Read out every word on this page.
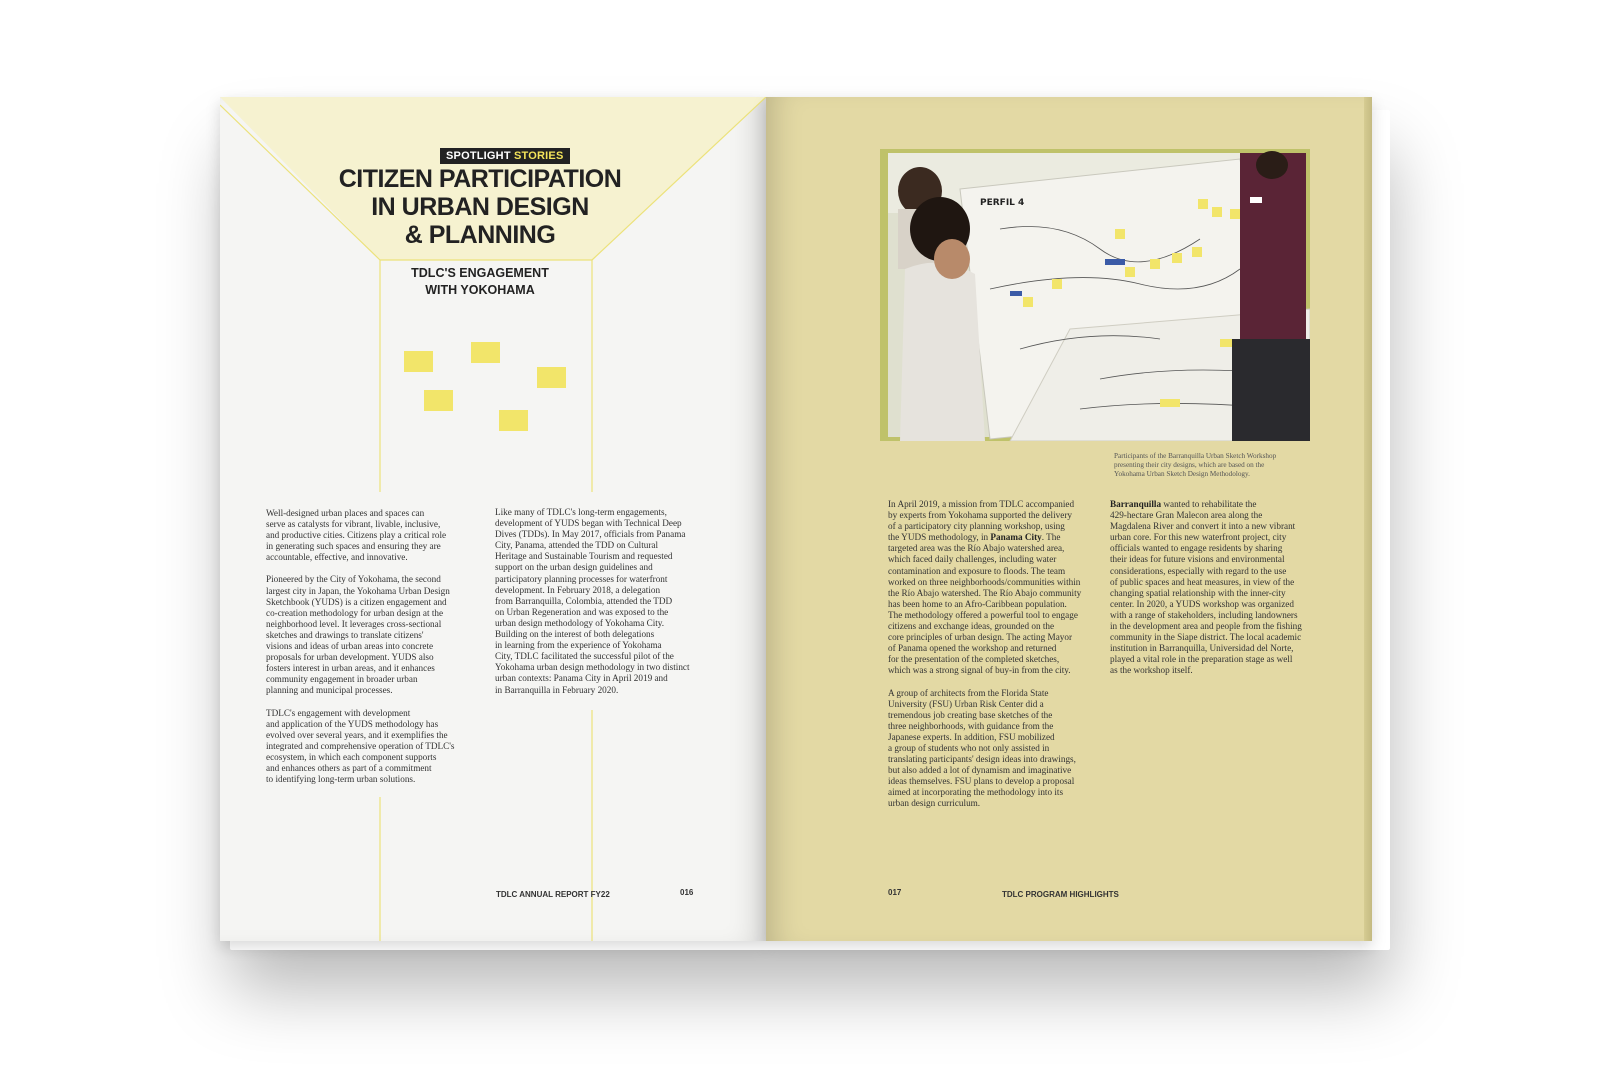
SPOTLIGHT STORIES
CITIZEN PARTICIPATION
IN URBAN DESIGN
& PLANNING
TDLC'S ENGAGEMENT
WITH YOKOHAMA

Well-designed urban places and spaces can
serve as catalysts for vibrant, livable, inclusive,
and productive cities. Citizens play a critical role
in generating such spaces and ensuring they are
accountable, effective, and innovative.

Pioneered by the City of Yokohama, the second
largest city in Japan, the Yokohama Urban Design
Sketchbook (YUDS) is a citizen engagement and
co-creation methodology for urban design at the
neighborhood level. It leverages cross-sectional
sketches and drawings to translate citizens'
visions and ideas of urban areas into concrete
proposals for urban development. YUDS also
fosters interest in urban areas, and it enhances
community engagement in broader urban
planning and municipal processes.

TDLC's engagement with development
and application of the YUDS methodology has
evolved over several years, and it exemplifies the
integrated and comprehensive operation of TDLC's
ecosystem, in which each component supports
and enhances others as part of a commitment
to identifying long-term urban solutions.

Like many of TDLC's long-term engagements,
development of YUDS began with Technical Deep
Dives (TDDs). In May 2017, officials from Panama
City, Panama, attended the TDD on Cultural
Heritage and Sustainable Tourism and requested
support on the urban design guidelines and
participatory planning processes for waterfront
development. In February 2018, a delegation
from Barranquilla, Colombia, attended the TDD
on Urban Regeneration and was exposed to the
urban design methodology of Yokohama City.
Building on the interest of both delegations
in learning from the experience of Yokohama
City, TDLC facilitated the successful pilot of the
Yokohama urban design methodology in two distinct
urban contexts: Panama City in April 2019 and
in Barranquilla in February 2020.

TDLC ANNUAL REPORT FY22	016
PERFIL 4
Participants of the Barranquilla Urban Sketch Workshop
presenting their city designs, which are based on the
Yokohama Urban Sketch Design Methodology.

In April 2019, a mission from TDLC accompanied
by experts from Yokohama supported the delivery
of a participatory city planning workshop, using
the YUDS methodology, in Panama City. The
targeted area was the Río Abajo watershed area,
which faced daily challenges, including water
contamination and exposure to floods. The team
worked on three neighborhoods/communities within
the Río Abajo watershed. The Río Abajo community
has been home to an Afro-Caribbean population.
The methodology offered a powerful tool to engage
citizens and exchange ideas, grounded on the
core principles of urban design. The acting Mayor
of Panama opened the workshop and returned
for the presentation of the completed sketches,
which was a strong signal of buy-in from the city.

A group of architects from the Florida State
University (FSU) Urban Risk Center did a
tremendous job creating base sketches of the
three neighborhoods, with guidance from the
Japanese experts. In addition, FSU mobilized
a group of students who not only assisted in
translating participants' design ideas into drawings,
but also added a lot of dynamism and imaginative
ideas themselves. FSU plans to develop a proposal
aimed at incorporating the methodology into its
urban design curriculum.

Barranquilla wanted to rehabilitate the
429-hectare Gran Malecon area along the
Magdalena River and convert it into a new vibrant
urban core. For this new waterfront project, city
officials wanted to engage residents by sharing
their ideas for future visions and environmental
considerations, especially with regard to the use
of public spaces and heat measures, in view of the
changing spatial relationship with the inner-city
center. In 2020, a YUDS workshop was organized
with a range of stakeholders, including landowners
in the development area and people from the fishing
community in the Siape district. The local academic
institution in Barranquilla, Universidad del Norte,
played a vital role in the preparation stage as well
as the workshop itself.

017	TDLC PROGRAM HIGHLIGHTS
